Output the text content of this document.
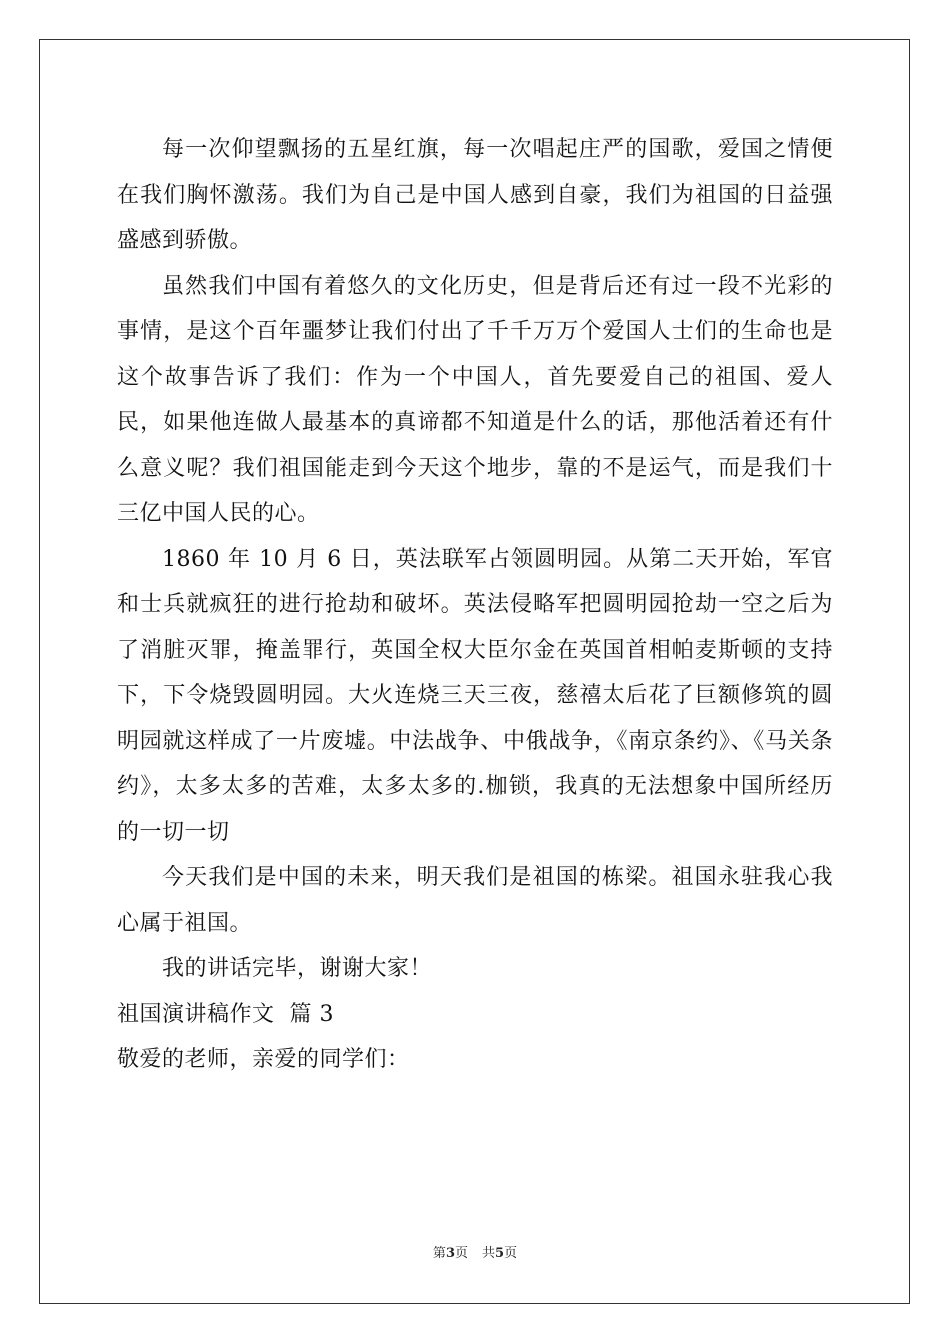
每一次仰望飘扬的五星红旗，每一次唱起庄严的国歌，爱国之情便在我们胸怀激荡。我们为自己是中国人感到自豪，我们为祖国的日益强盛感到骄傲。

虽然我们中国有着悠久的文化历史，但是背后还有过一段不光彩的事情，是这个百年噩梦让我们付出了千千万万个爱国人士们的生命也是这个故事告诉了我们：作为一个中国人，首先要爱自己的祖国、爱人民，如果他连做人最基本的真谛都不知道是什么的话，那他活着还有什么意义呢？我们祖国能走到今天这个地步，靠的不是运气，而是我们十三亿中国人民的心。

1860 年 10 月 6 日，英法联军占领圆明园。从第二天开始，军官和士兵就疯狂的进行抢劫和破坏。英法侵略军把圆明园抢劫一空之后为了消脏灭罪，掩盖罪行，英国全权大臣尔金在英国首相帕麦斯顿的支持下，下令烧毁圆明园。大火连烧三天三夜，慈禧太后花了巨额修筑的圆明园就这样成了一片废墟。中法战争、中俄战争，《南京条约》、《马关条约》，太多太多的苦难，太多太多的.枷锁，我真的无法想象中国所经历的一切一切

今天我们是中国的未来，明天我们是祖国的栋梁。祖国永驻我心我心属于祖国。

我的讲话完毕，谢谢大家！

祖国演讲稿作文  篇 3

敬爱的老师，亲爱的同学们：

第3页 共5页
